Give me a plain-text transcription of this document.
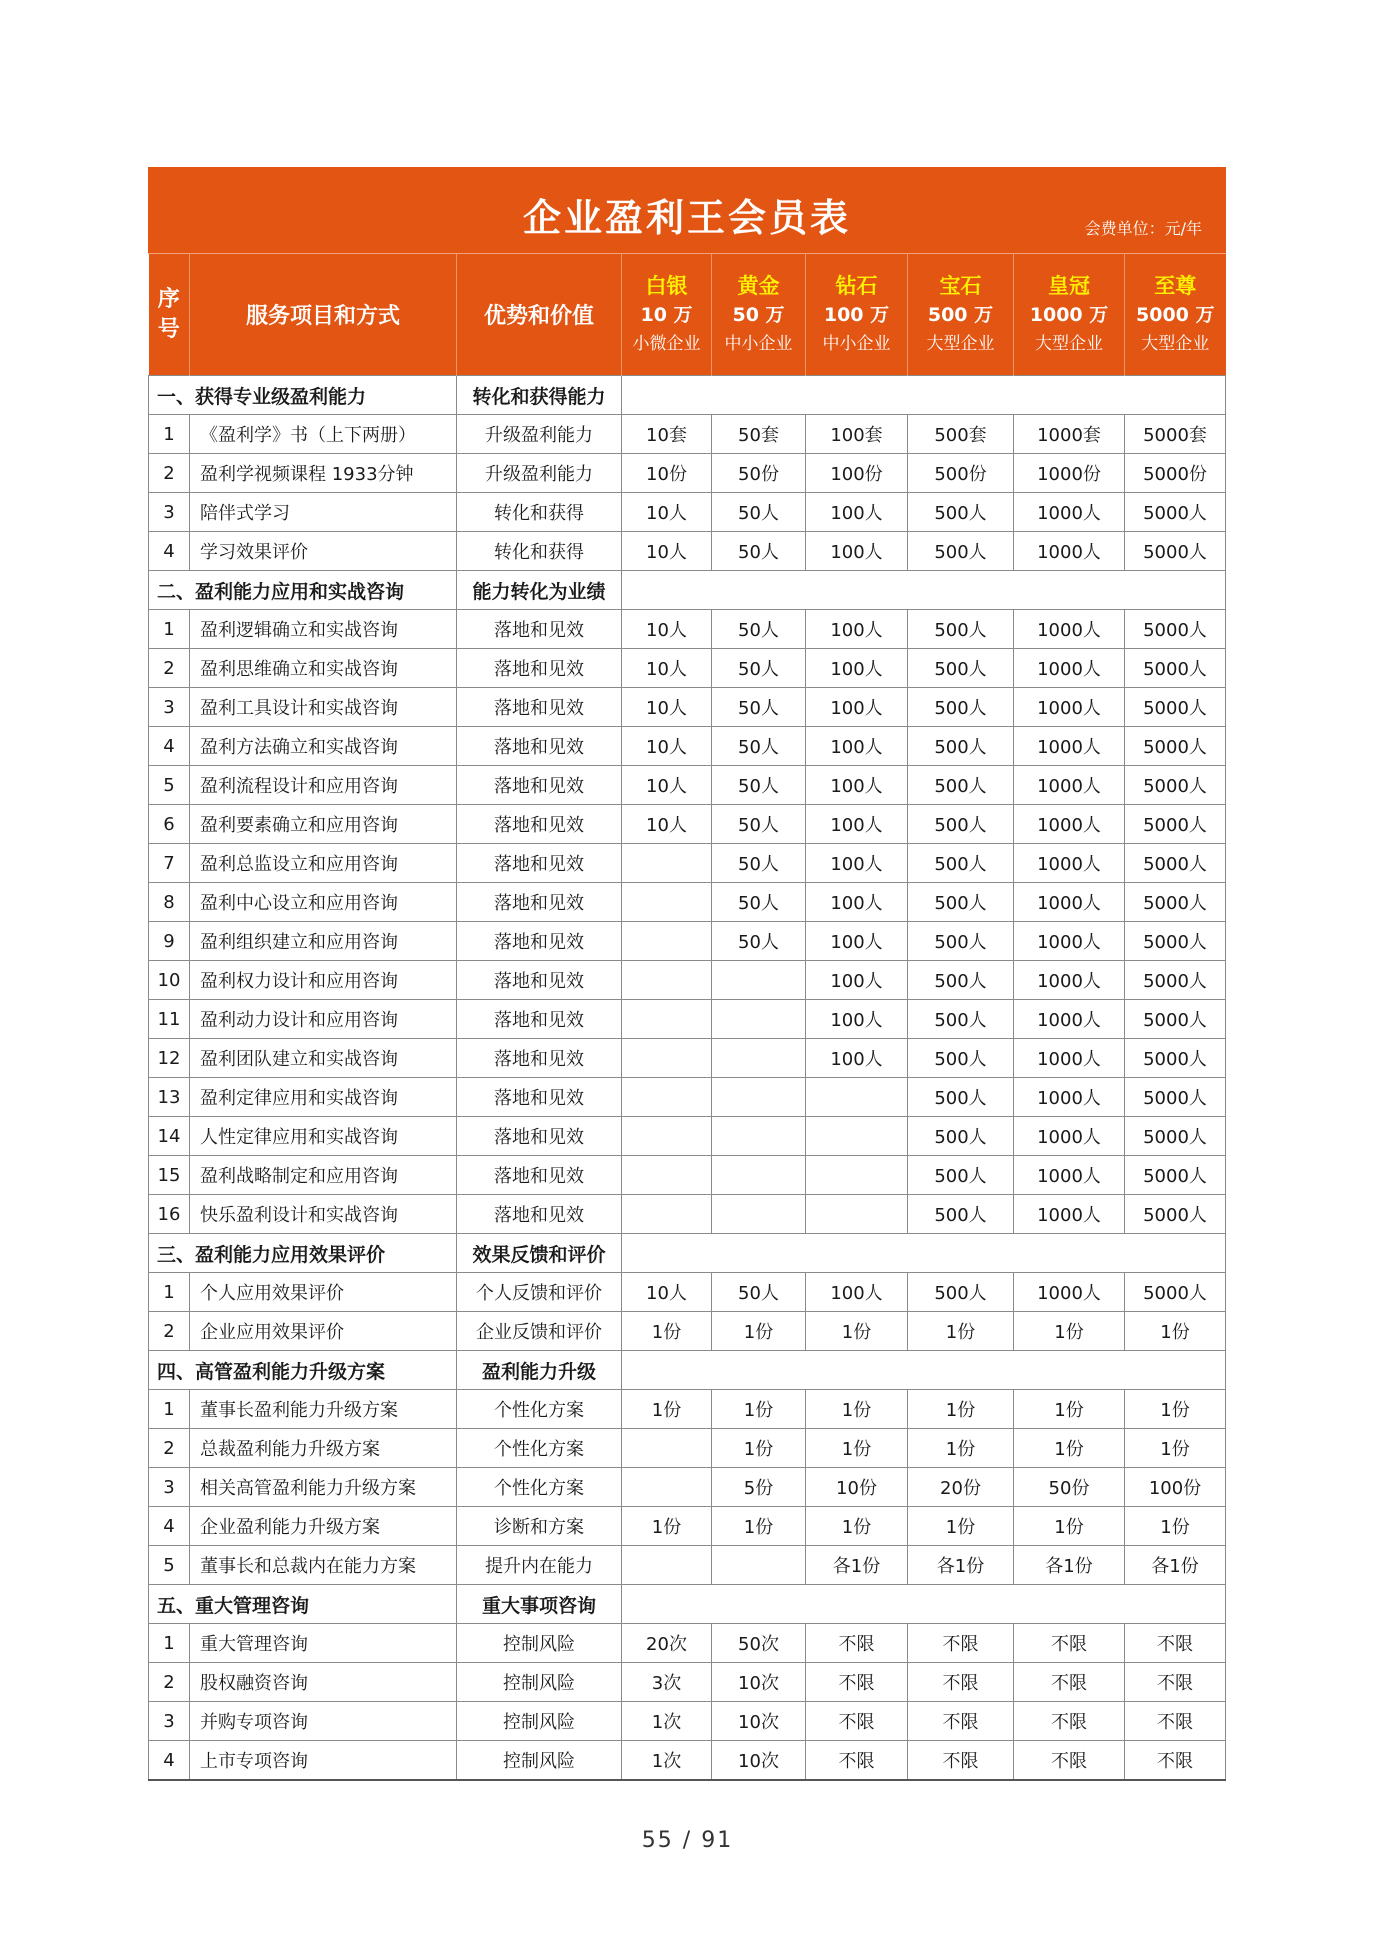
企业盈利王会员表	会费单位：元/年
序
号	服务项目和方式	优势和价值	白银
10 万
小微企业	黄金
50 万
中小企业	钻石
100 万
中小企业	宝石
500 万
大型企业	皇冠
1000 万
大型企业	至尊
5000 万
大型企业

一、获得专业级盈利能力		转化和获得能力						
1	《盈利学》书（上下两册）	升级盈利能力	10套	50套	100套	500套	1000套	5000套
2	盈利学视频课程 1933分钟	升级盈利能力	10份	50份	100份	500份	1000份	5000份
3	陪伴式学习	转化和获得	10人	50人	100人	500人	1000人	5000人
4	学习效果评价	转化和获得	10人	50人	100人	500人	1000人	5000人
二、盈利能力应用和实战咨询		能力转化为业绩						
1	盈利逻辑确立和实战咨询	落地和见效	10人	50人	100人	500人	1000人	5000人
2	盈利思维确立和实战咨询	落地和见效	10人	50人	100人	500人	1000人	5000人
3	盈利工具设计和实战咨询	落地和见效	10人	50人	100人	500人	1000人	5000人
4	盈利方法确立和实战咨询	落地和见效	10人	50人	100人	500人	1000人	5000人
5	盈利流程设计和应用咨询	落地和见效	10人	50人	100人	500人	1000人	5000人
6	盈利要素确立和应用咨询	落地和见效	10人	50人	100人	500人	1000人	5000人
7	盈利总监设立和应用咨询	落地和见效		50人	100人	500人	1000人	5000人
8	盈利中心设立和应用咨询	落地和见效		50人	100人	500人	1000人	5000人
9	盈利组织建立和应用咨询	落地和见效		50人	100人	500人	1000人	5000人
10	盈利权力设计和应用咨询	落地和见效			100人	500人	1000人	5000人
11	盈利动力设计和应用咨询	落地和见效			100人	500人	1000人	5000人
12	盈利团队建立和实战咨询	落地和见效			100人	500人	1000人	5000人
13	盈利定律应用和实战咨询	落地和见效				500人	1000人	5000人
14	人性定律应用和实战咨询	落地和见效				500人	1000人	5000人
15	盈利战略制定和应用咨询	落地和见效				500人	1000人	5000人
16	快乐盈利设计和实战咨询	落地和见效				500人	1000人	5000人
三、盈利能力应用效果评价		效果反馈和评价						
1	个人应用效果评价	个人反馈和评价	10人	50人	100人	500人	1000人	5000人
2	企业应用效果评价	企业反馈和评价	1份	1份	1份	1份	1份	1份
四、高管盈利能力升级方案		盈利能力升级						
1	董事长盈利能力升级方案	个性化方案	1份	1份	1份	1份	1份	1份
2	总裁盈利能力升级方案	个性化方案		1份	1份	1份	1份	1份
3	相关高管盈利能力升级方案	个性化方案		5份	10份	20份	50份	100份
4	企业盈利能力升级方案	诊断和方案	1份	1份	1份	1份	1份	1份
5	董事长和总裁内在能力方案	提升内在能力			各1份	各1份	各1份	各1份
五、重大管理咨询		重大事项咨询						
1	重大管理咨询	控制风险	20次	50次	不限	不限	不限	不限
2	股权融资咨询	控制风险	3次	10次	不限	不限	不限	不限
3	并购专项咨询	控制风险	1次	10次	不限	不限	不限	不限
4	上市专项咨询	控制风险	1次	10次	不限	不限	不限	不限
55 / 91
